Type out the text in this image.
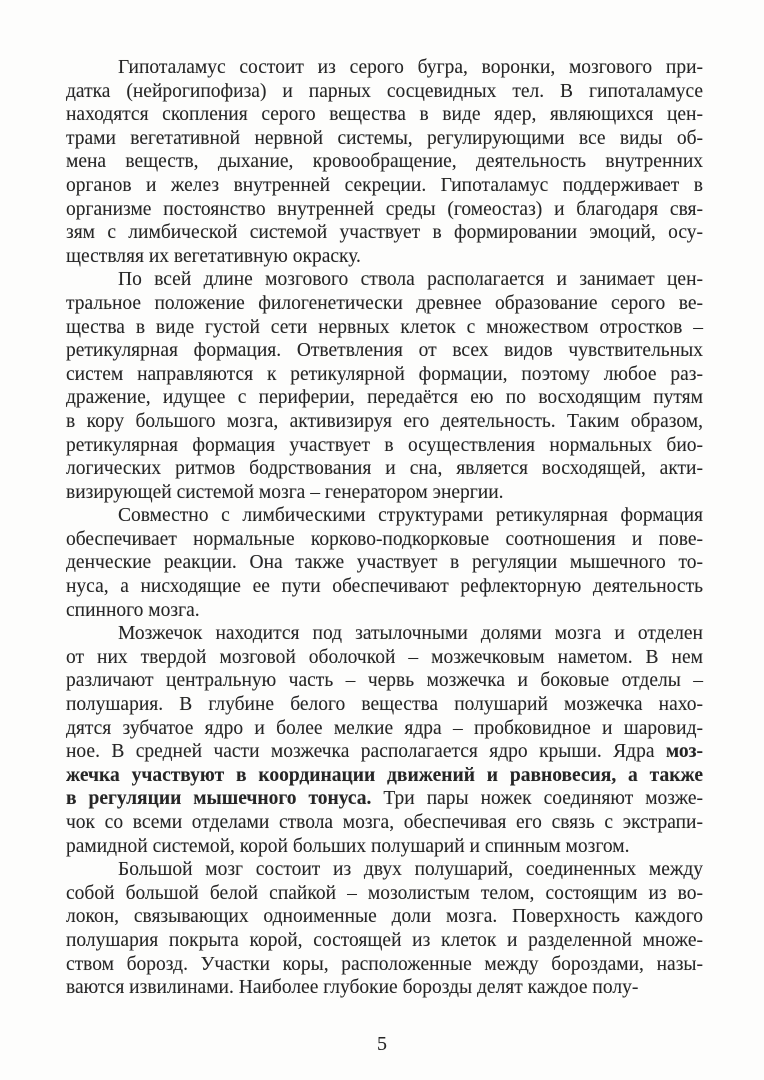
Гипоталамус состоит из серого бугра, воронки, мозгового при-
датка (нейрогипофиза) и парных сосцевидных тел. В гипоталамусе
находятся скопления серого вещества в виде ядер, являющихся цен-
трами вегетативной нервной системы, регулирующими все виды об-
мена веществ, дыхание, кровообращение, деятельность внутренних
органов и желез внутренней секреции. Гипоталамус поддерживает в
организме постоянство внутренней среды (гомеостаз) и благодаря свя-
зям с лимбической системой участвует в формировании эмоций, осу-
ществляя их вегетативную окраску.
По всей длине мозгового ствола располагается и занимает цен-
тральное положение филогенетически древнее образование серого ве-
щества в виде густой сети нервных клеток с множеством отростков –
ретикулярная формация. Ответвления от всех видов чувствительных
систем направляются к ретикулярной формации, поэтому любое раз-
дражение, идущее с периферии, передаётся ею по восходящим путям
в кору большого мозга, активизируя его деятельность. Таким образом,
ретикулярная формация участвует в осуществления нормальных био-
логических ритмов бодрствования и сна, является восходящей, акти-
визирующей системой мозга – генератором энергии.
Совместно с лимбическими структурами ретикулярная формация
обеспечивает нормальные корково-подкорковые соотношения и пове-
денческие реакции. Она также участвует в регуляции мышечного то-
нуса, а нисходящие ее пути обеспечивают рефлекторную деятельность
спинного мозга.
Мозжечок находится под затылочными долями мозга и отделен
от них твердой мозговой оболочкой – мозжечковым наметом. В нем
различают центральную часть – червь мозжечка и боковые отделы –
полушария. В глубине белого вещества полушарий мозжечка нахо-
дятся зубчатое ядро и более мелкие ядра – пробковидное и шаровид-
ное. В средней части мозжечка располагается ядро крыши. Ядра моз-
жечка участвуют в координации движений и равновесия, а также
в регуляции мышечного тонуса. Три пары ножек соединяют мозже-
чок со всеми отделами ствола мозга, обеспечивая его связь с экстрапи-
рамидной системой, корой больших полушарий и спинным мозгом.
Большой мозг состоит из двух полушарий, соединенных между
собой большой белой спайкой – мозолистым телом, состоящим из во-
локон, связывающих одноименные доли мозга. Поверхность каждого
полушария покрыта корой, состоящей из клеток и разделенной множе-
ством борозд. Участки коры, расположенные между бороздами, назы-
ваются извилинами. Наиболее глубокие борозды делят каждое полу-
5
